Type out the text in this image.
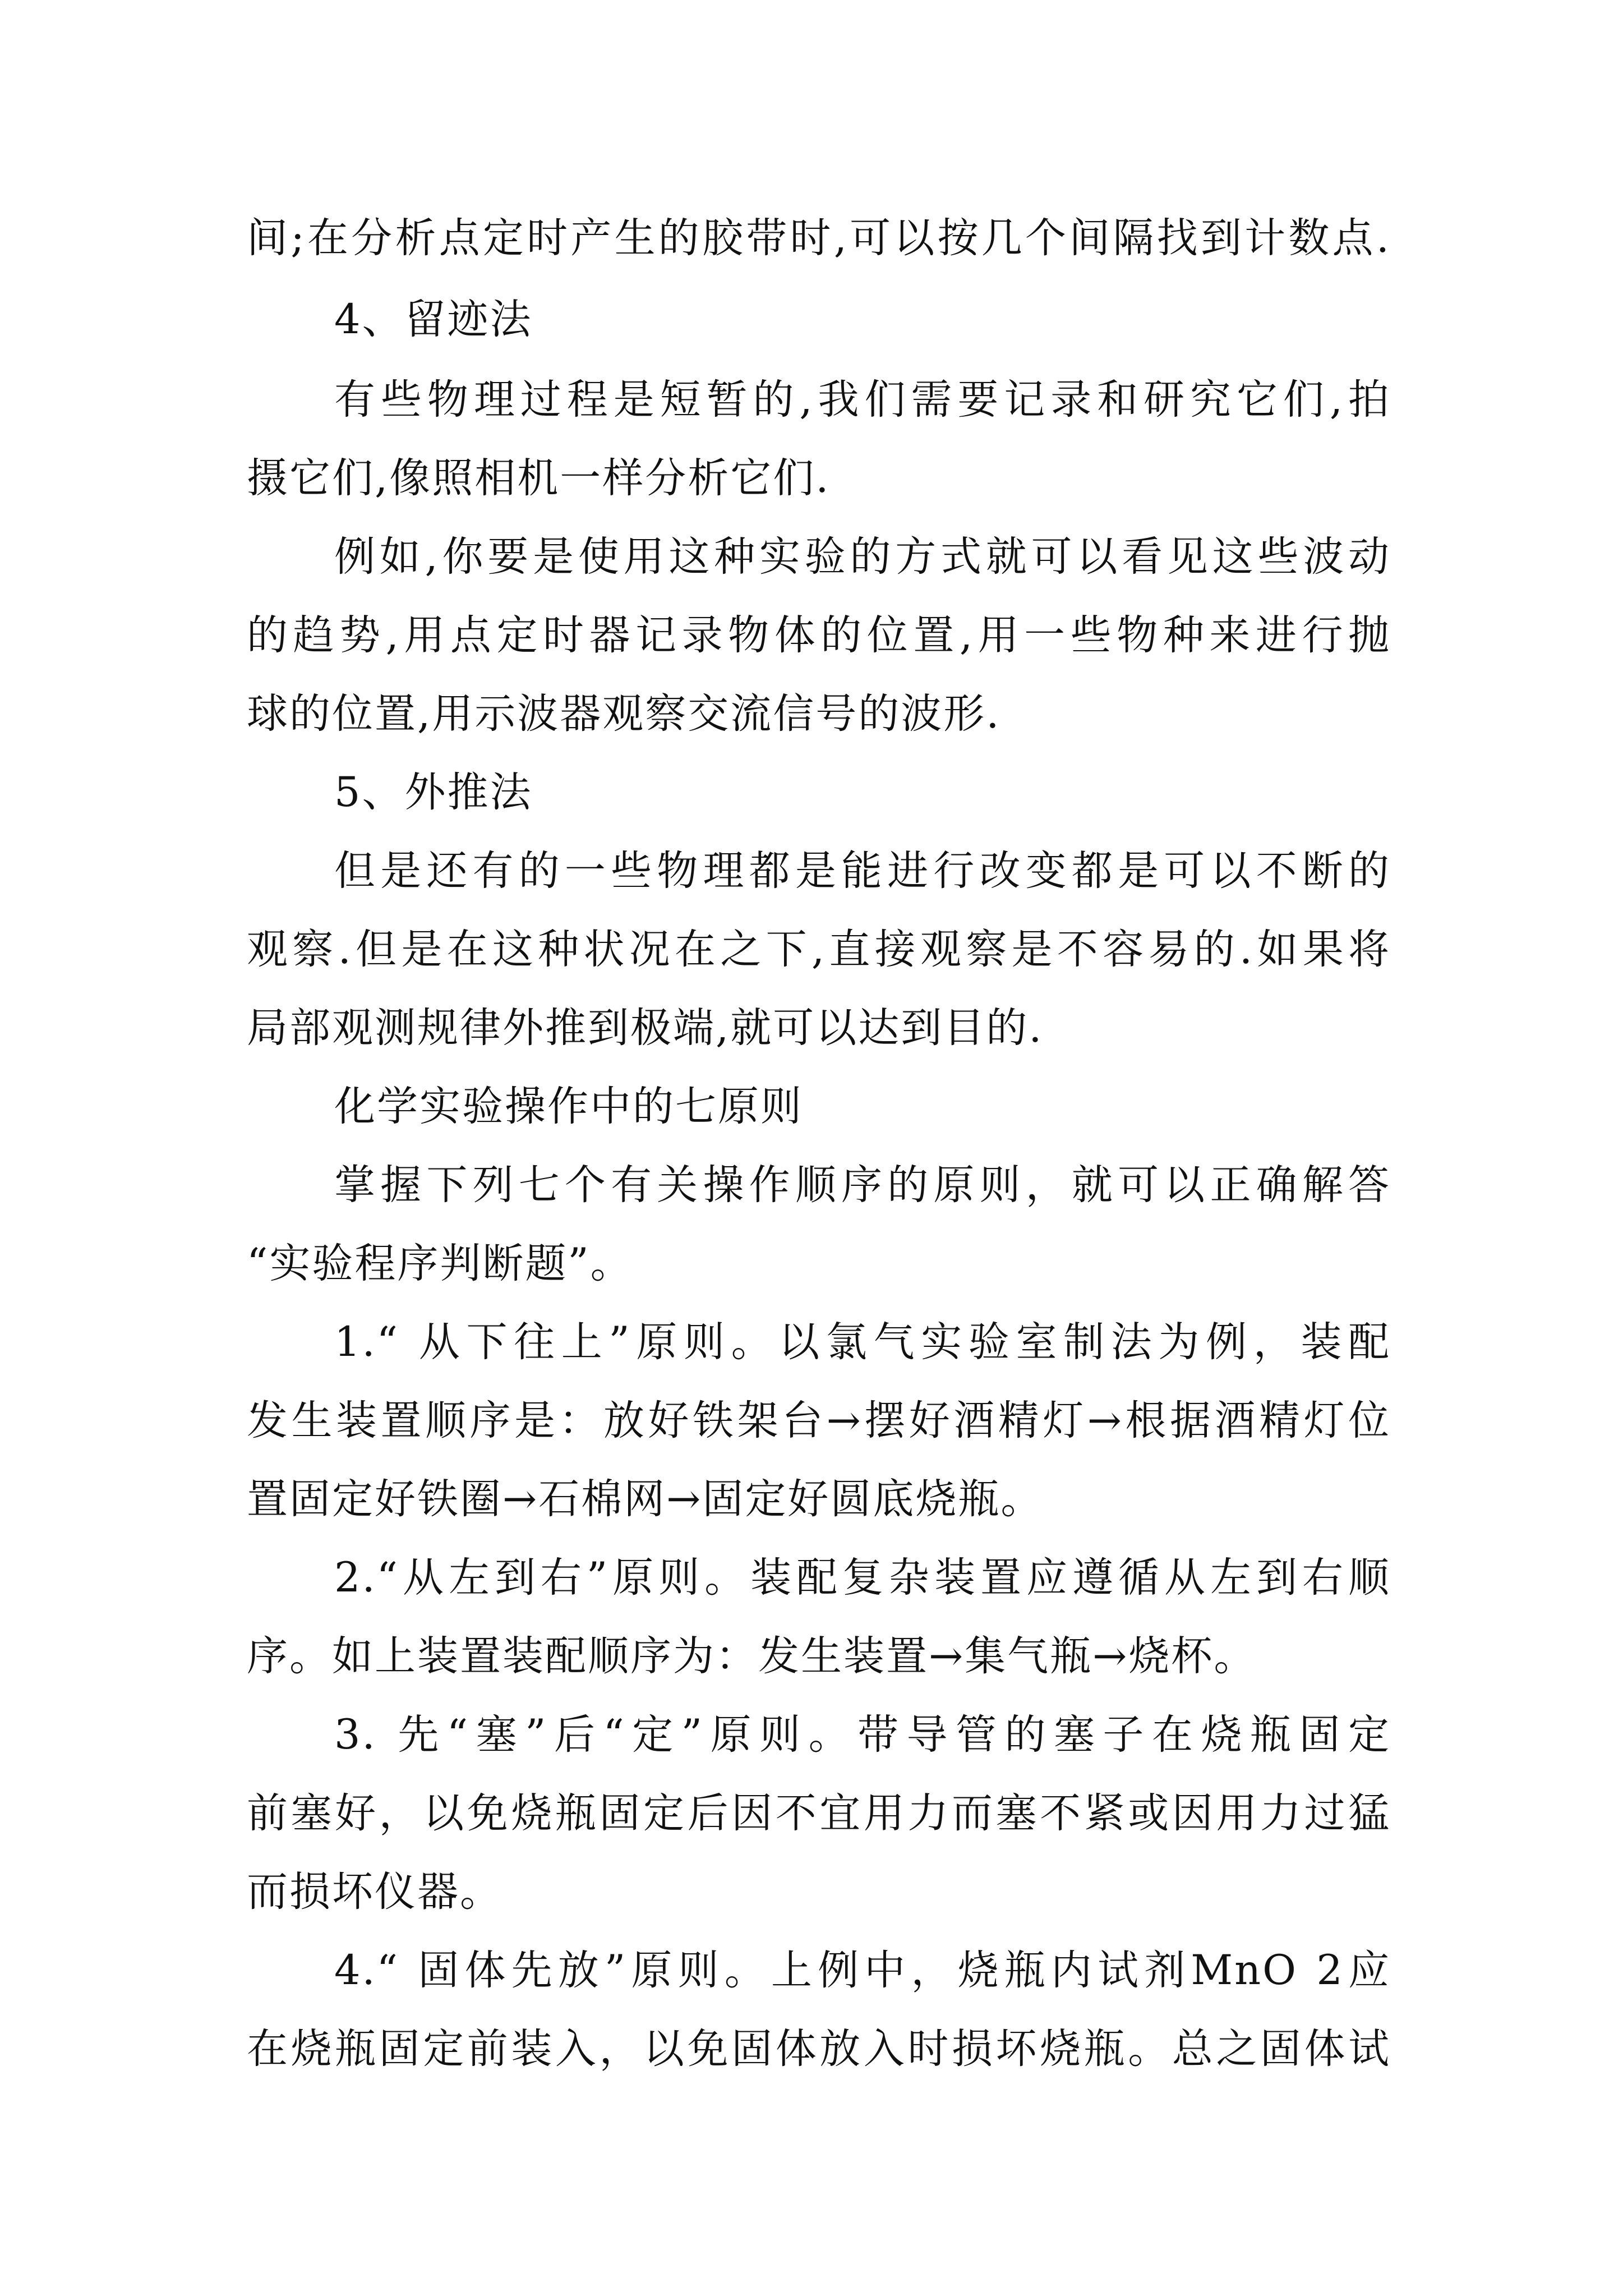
间;在分析点定时产生的胶带时,可以按几个间隔找到计数点.
4、留迹法
有些物理过程是短暂的,我们需要记录和研究它们,拍
摄它们,像照相机一样分析它们.
例如,你要是使用这种实验的方式就可以看见这些波动
的趋势,用点定时器记录物体的位置,用一些物种来进行抛
球的位置,用示波器观察交流信号的波形.
5、外推法
但是还有的一些物理都是能进行改变都是可以不断的
观察.但是在这种状况在之下,直接观察是不容易的.如果将
局部观测规律外推到极端,就可以达到目的.
化学实验操作中的七原则
掌握下列七个有关操作顺序的原则，就可以正确解答
“实验程序判断题”。
1.“ 从下往上”原则。以氯气实验室制法为例，装配
发生装置顺序是：放好铁架台→摆好酒精灯→根据酒精灯位
置固定好铁圈→石棉网→固定好圆底烧瓶。
2.“从左到右”原则。装配复杂装置应遵循从左到右顺
序。如上装置装配顺序为：发生装置→集气瓶→烧杯。
3. 先“塞”后“定”原则。带导管的塞子在烧瓶固定
前塞好，以免烧瓶固定后因不宜用力而塞不紧或因用力过猛
而损坏仪器。
4.“ 固体先放”原则。上例中，烧瓶内试剂MnO 2应
在烧瓶固定前装入，以免固体放入时损坏烧瓶。总之固体试
